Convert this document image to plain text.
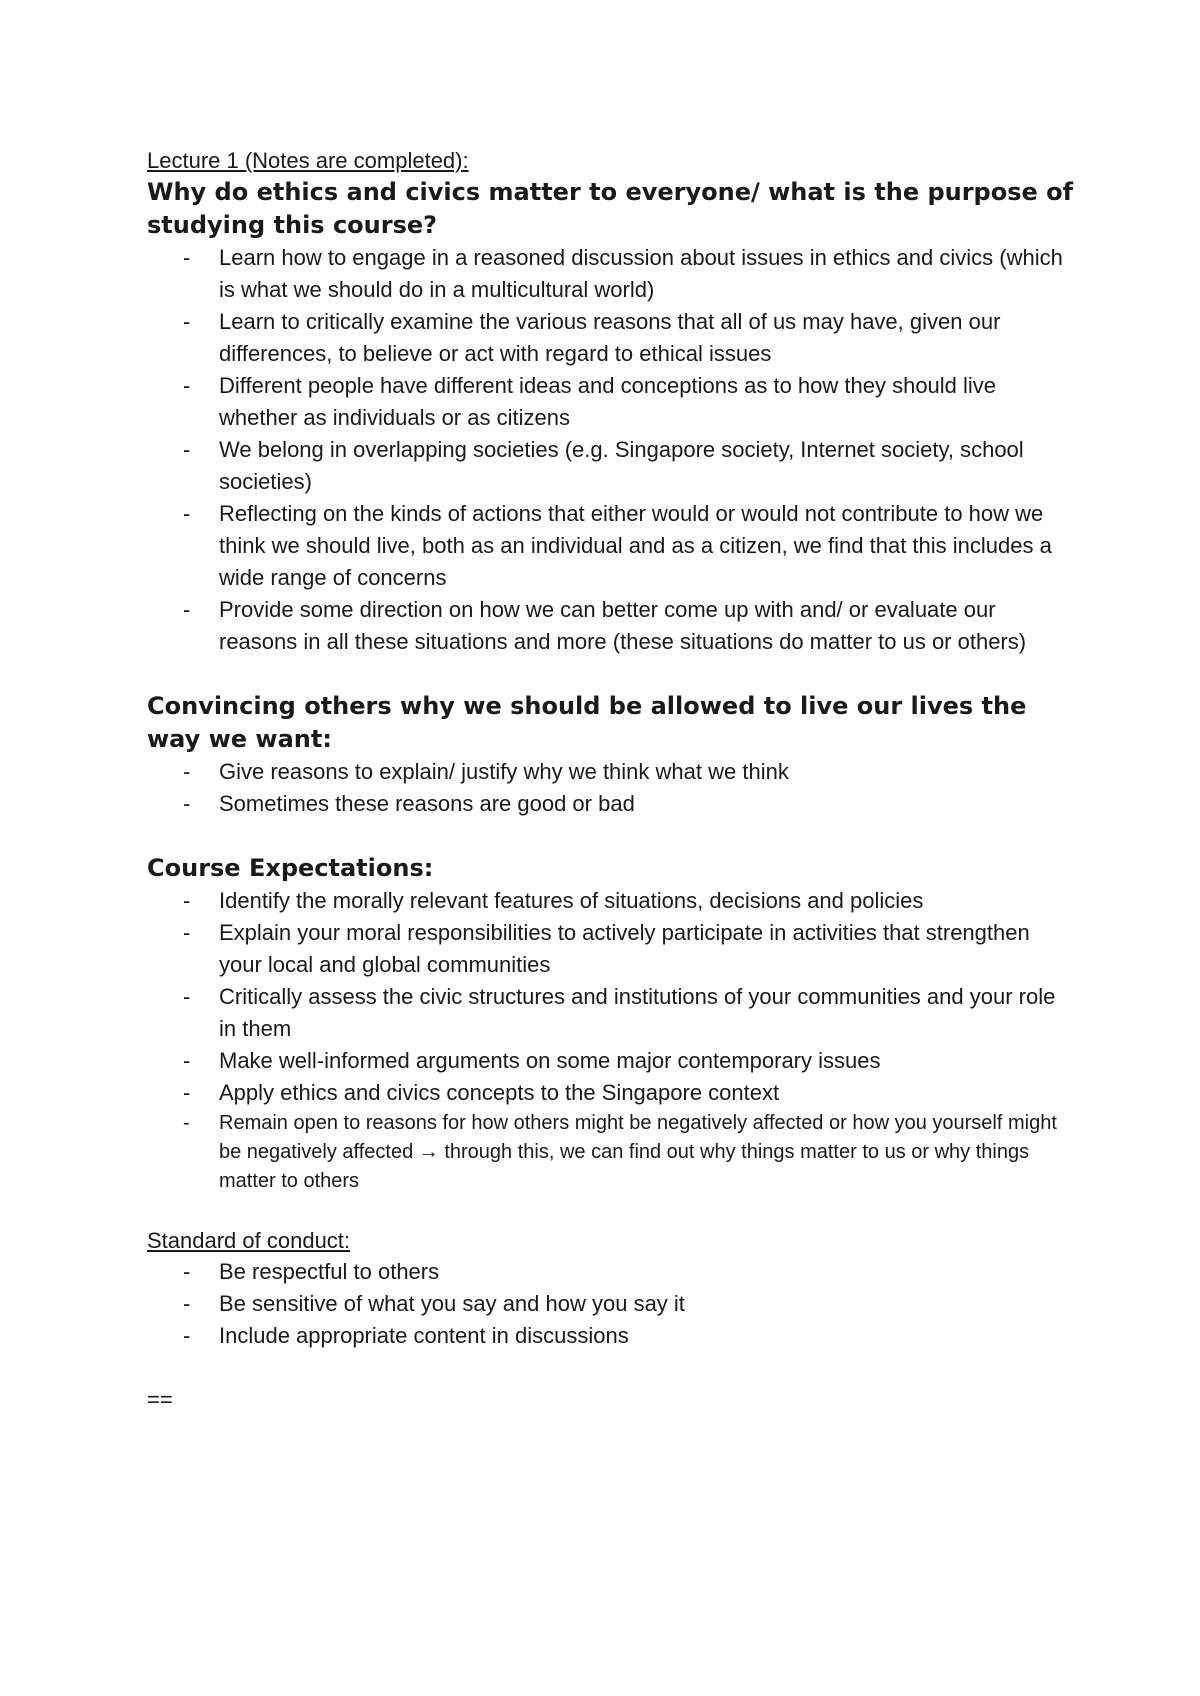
Lecture 1 (Notes are completed):

Why do ethics and civics matter to everyone/ what is the purpose of studying this course?

- Learn how to engage in a reasoned discussion about issues in ethics and civics (which is what we should do in a multicultural world)
- Learn to critically examine the various reasons that all of us may have, given our differences, to believe or act with regard to ethical issues
- Different people have different ideas and conceptions as to how they should live whether as individuals or as citizens
- We belong in overlapping societies (e.g. Singapore society, Internet society, school societies)
- Reflecting on the kinds of actions that either would or would not contribute to how we think we should live, both as an individual and as a citizen, we find that this includes a wide range of concerns
- Provide some direction on how we can better come up with and/ or evaluate our reasons in all these situations and more (these situations do matter to us or others)

Convincing others why we should be allowed to live our lives the way we want:

- Give reasons to explain/ justify why we think what we think
- Sometimes these reasons are good or bad

Course Expectations:

- Identify the morally relevant features of situations, decisions and policies
- Explain your moral responsibilities to actively participate in activities that strengthen your local and global communities
- Critically assess the civic structures and institutions of your communities and your role in them
- Make well-informed arguments on some major contemporary issues
- Apply ethics and civics concepts to the Singapore context
- Remain open to reasons for how others might be negatively affected or how you yourself might be negatively affected → through this, we can find out why things matter to us or why things matter to others

Standard of conduct:

- Be respectful to others
- Be sensitive of what you say and how you say it
- Include appropriate content in discussions

==
